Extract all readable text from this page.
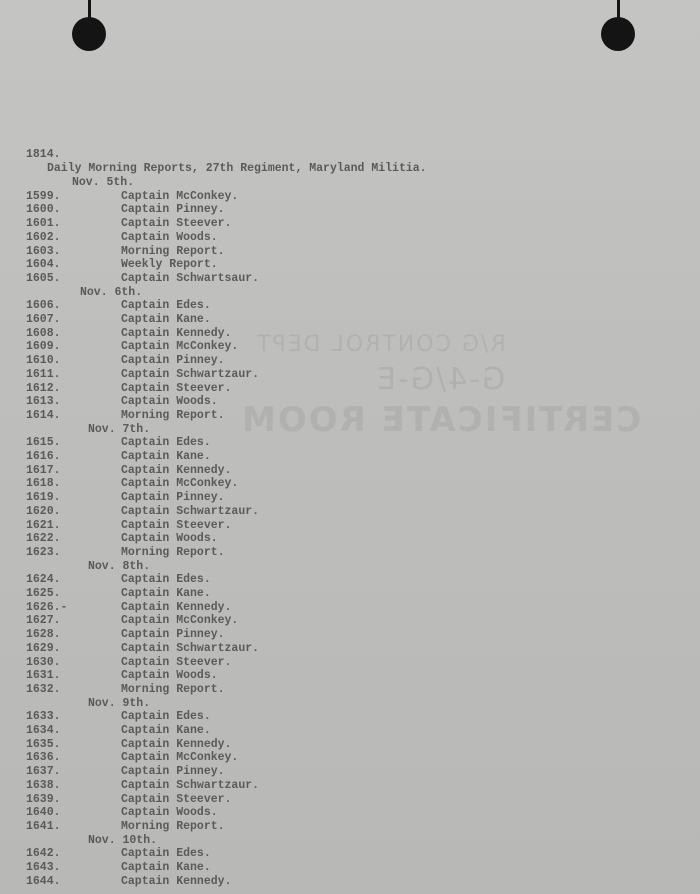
R/G CONTROL DEPT
G-4/G-E
CERTIFICATE ROOM
1814.
Daily Morning Reports, 27th Regiment, Maryland Militia.
Nov. 5th.
1599.	Captain McConkey.
1600.	Captain Pinney.
1601.	Captain Steever.
1602.	Captain Woods.
1603.	Morning Report.
1604.	Weekly Report.
1605.	Captain Schwartsaur.
Nov. 6th.
1606.	Captain Edes.
1607.	Captain Kane.
1608.	Captain Kennedy.
1609.	Captain McConkey.
1610.	Captain Pinney.
1611.	Captain Schwartzaur.
1612.	Captain Steever.
1613.	Captain Woods.
1614.	Morning Report.
Nov. 7th.
1615.	Captain Edes.
1616.	Captain Kane.
1617.	Captain Kennedy.
1618.	Captain McConkey.
1619.	Captain Pinney.
1620.	Captain Schwartzaur.
1621.	Captain Steever.
1622.	Captain Woods.
1623.	Morning Report.
Nov. 8th.
1624.	Captain Edes.
1625.	Captain Kane.
1626.-	Captain Kennedy.
1627.	Captain McConkey.
1628.	Captain Pinney.
1629.	Captain Schwartzaur.
1630.	Captain Steever.
1631.	Captain Woods.
1632.	Morning Report.
Nov. 9th.
1633.	Captain Edes.
1634.	Captain Kane.
1635.	Captain Kennedy.
1636.	Captain McConkey.
1637.	Captain Pinney.
1638.	Captain Schwartzaur.
1639.	Captain Steever.
1640.	Captain Woods.
1641.	Morning Report.
Nov. 10th.
1642.	Captain Edes.
1643.	Captain Kane.
1644.	Captain Kennedy.
